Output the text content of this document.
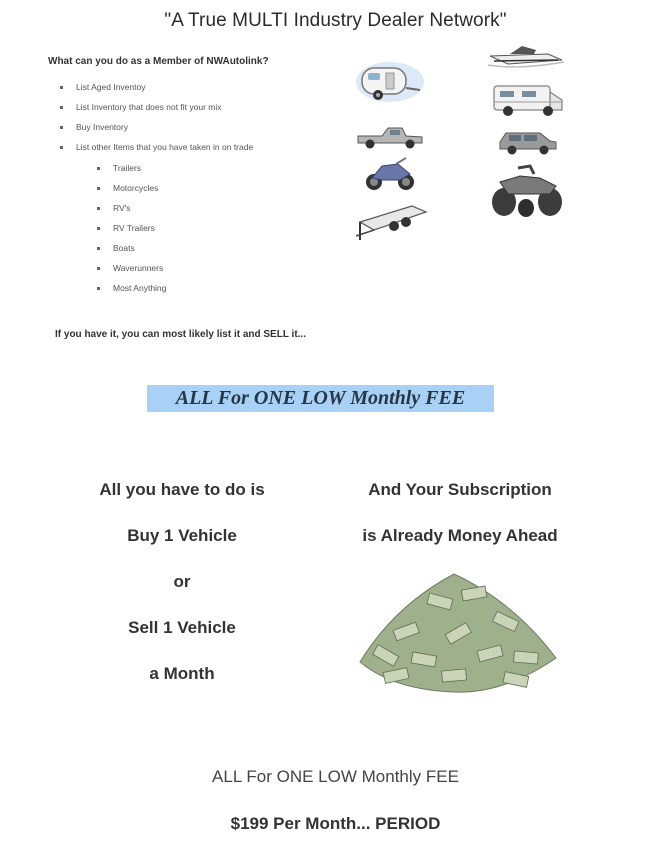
"A True MULTI Industry Dealer Network"
What can you do as a Member of NWAutolink?
List Aged Inventoy
List Inventory that does not fit your mix
Buy Inventory
List other Items that you have taken in on trade
Trailers
Motorcycles
RV's
RV Trailers
Boats
Waverunners
Most Anything
If you have it, you can most likely list it and SELL it...
ALL For ONE LOW Monthly FEE
All you have to do is
Buy 1 Vehicle
or
Sell 1 Vehicle
a Month
And Your Subscription
is Already Money Ahead
ALL For ONE LOW Monthly FEE
$199 Per Month... PERIOD
